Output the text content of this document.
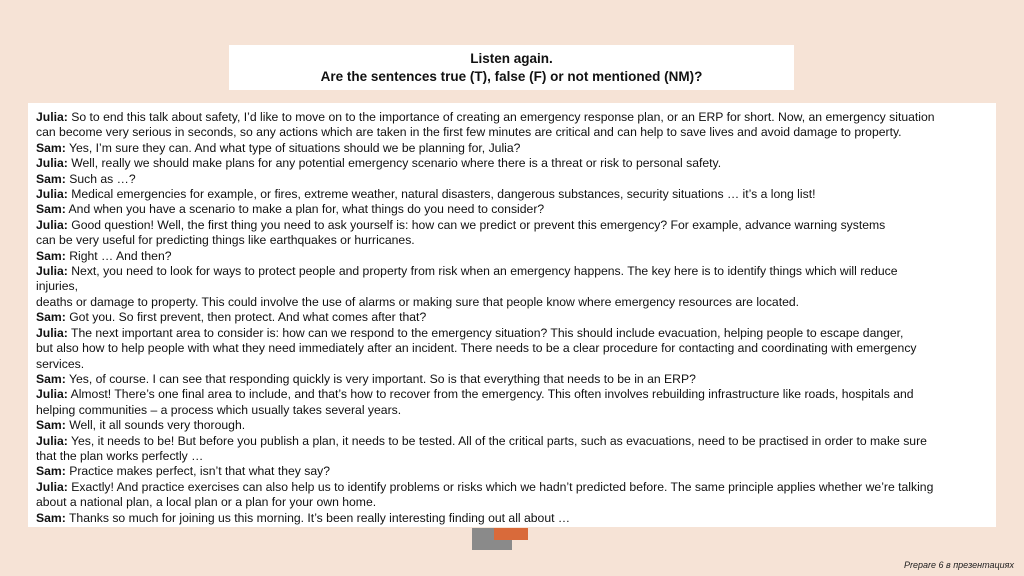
Listen again.
Are the sentences true (T), false (F) or not mentioned (NM)?
Julia: So to end this talk about safety, I’d like to move on to the importance of creating an emergency response plan, or an ERP for short. Now, an emergency situation
can become very serious in seconds, so any actions which are taken in the first few minutes are critical and can help to save lives and avoid damage to property.
Sam: Yes, I’m sure they can. And what type of situations should we be planning for, Julia?
Julia: Well, really we should make plans for any potential emergency scenario where there is a threat or risk to personal safety.
Sam: Such as …?
Julia: Medical emergencies for example, or fires, extreme weather, natural disasters, dangerous substances, security situations … it’s a long list!
Sam: And when you have a scenario to make a plan for, what things do you need to consider?
Julia: Good question! Well, the first thing you need to ask yourself is: how can we predict or prevent this emergency? For example, advance warning systems
can be very useful for predicting things like earthquakes or hurricanes.
Sam: Right … And then?
Julia: Next, you need to look for ways to protect people and property from risk when an emergency happens. The key here is to identify things which will reduce
injuries,
deaths or damage to property. This could involve the use of alarms or making sure that people know where emergency resources are located.
Sam: Got you. So first prevent, then protect. And what comes after that?
Julia: The next important area to consider is: how can we respond to the emergency situation? This should include evacuation, helping people to escape danger,
but also how to help people with what they need immediately after an incident. There needs to be a clear procedure for contacting and coordinating with emergency
services.
Sam: Yes, of course. I can see that responding quickly is very important. So is that everything that needs to be in an ERP?
Julia: Almost! There’s one final area to include, and that’s how to recover from the emergency. This often involves rebuilding infrastructure like roads, hospitals and
helping communities – a process which usually takes several years.
Sam: Well, it all sounds very thorough.
Julia: Yes, it needs to be! But before you publish a plan, it needs to be tested. All of the critical parts, such as evacuations, need to be practised in order to make sure
that the plan works perfectly …
Sam: Practice makes perfect, isn’t that what they say?
Julia: Exactly! And practice exercises can also help us to identify problems or risks which we hadn’t predicted before. The same principle applies whether we’re talking
about a national plan, a local plan or a plan for your own home.
Sam: Thanks so much for joining us this morning. It’s been really interesting finding out all about …
Prepare 6 в презентациях
